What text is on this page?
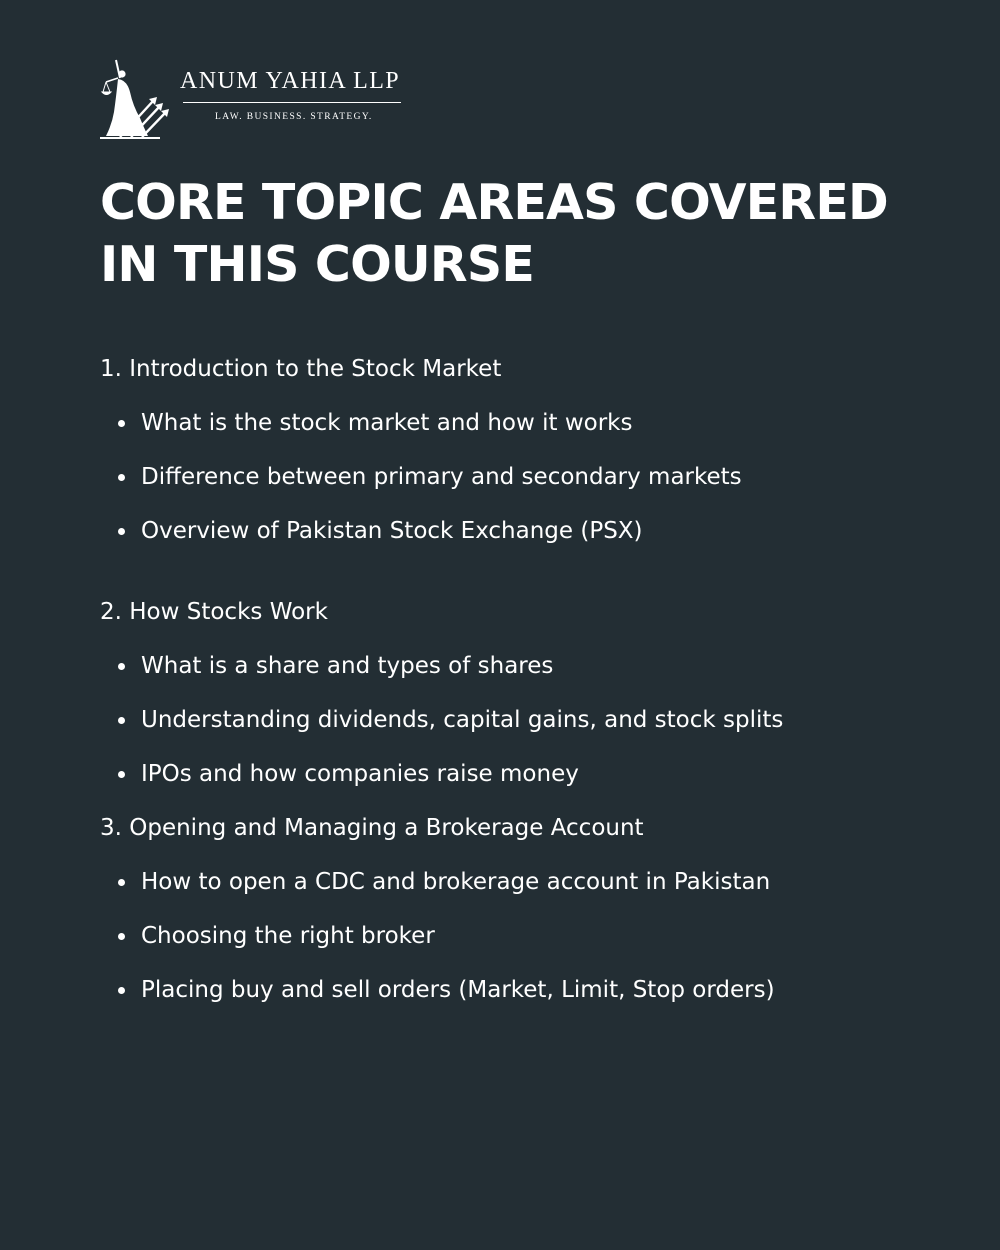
ANUM YAHIA LLP
LAW. BUSINESS. STRATEGY.
CORE TOPIC AREAS COVERED IN THIS COURSE

1. Introduction to the Stock Market

What is the stock market and how it works
Difference between primary and secondary markets
Overview of Pakistan Stock Exchange (PSX)

2. How Stocks Work

What is a share and types of shares
Understanding dividends, capital gains, and stock splits
IPOs and how companies raise money

3. Opening and Managing a Brokerage Account

How to open a CDC and brokerage account in Pakistan
Choosing the right broker
Placing buy and sell orders (Market, Limit, Stop orders)
